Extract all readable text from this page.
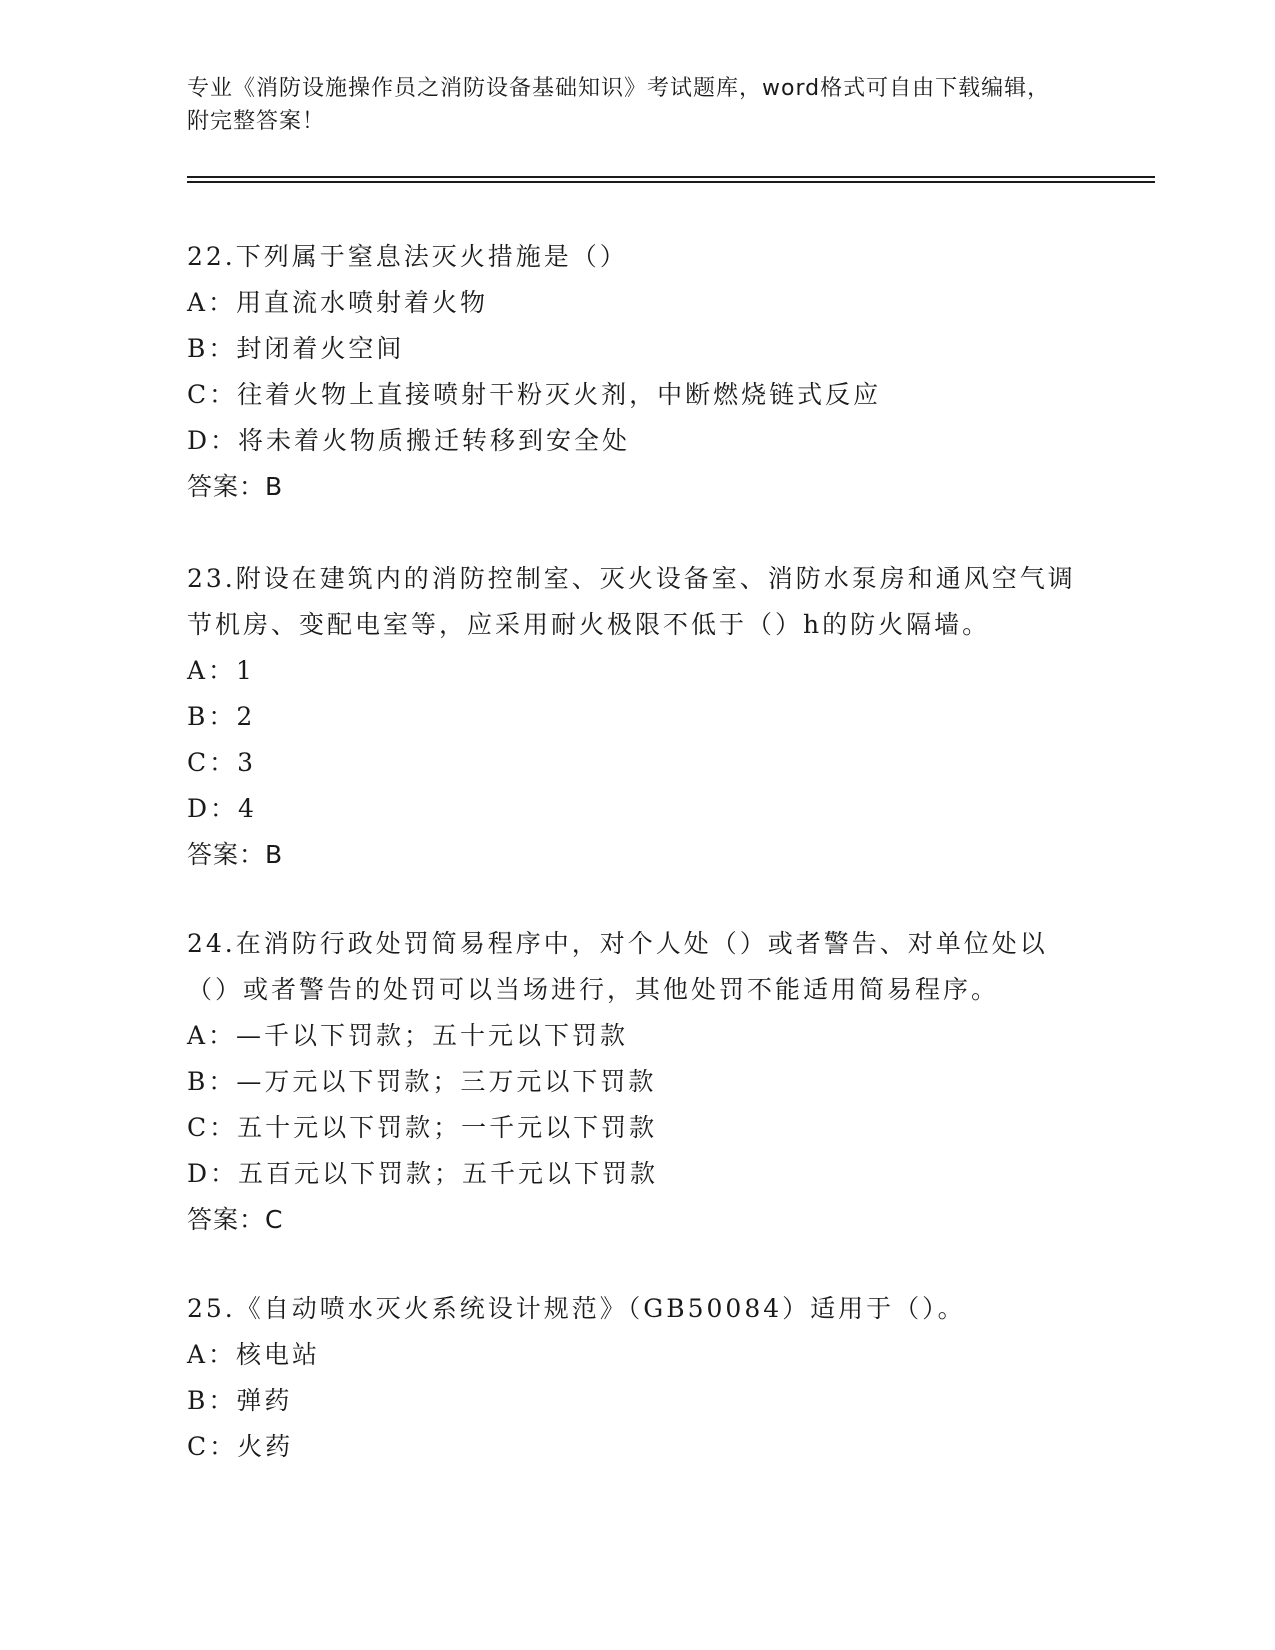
专业《消防设施操作员之消防设备基础知识》考试题库，word格式可自由下载编辑，附完整答案！

22.下列属于窒息法灭火措施是（）

A：用直流水喷射着火物

B：封闭着火空间

C：往着火物上直接喷射干粉灭火剂，中断燃烧链式反应

D：将未着火物质搬迁转移到安全处

答案：B

23.附设在建筑内的消防控制室、灭火设备室、消防水泵房和通风空气调节机房、变配电室等，应采用耐火极限不低于（）h的防火隔墙。

A：1

B：2

C：3

D：4

答案：B

24.在消防行政处罚简易程序中，对个人处（）或者警告、对单位处以（）或者警告的处罚可以当场进行，其他处罚不能适用简易程序。

A：—千以下罚款；五十元以下罚款

B：—万元以下罚款；三万元以下罚款

C：五十元以下罚款；一千元以下罚款

D：五百元以下罚款；五千元以下罚款

答案：C

25.《自动喷水灭火系统设计规范》（GB50084）适用于（）。

A：核电站

B：弹药

C：火药
